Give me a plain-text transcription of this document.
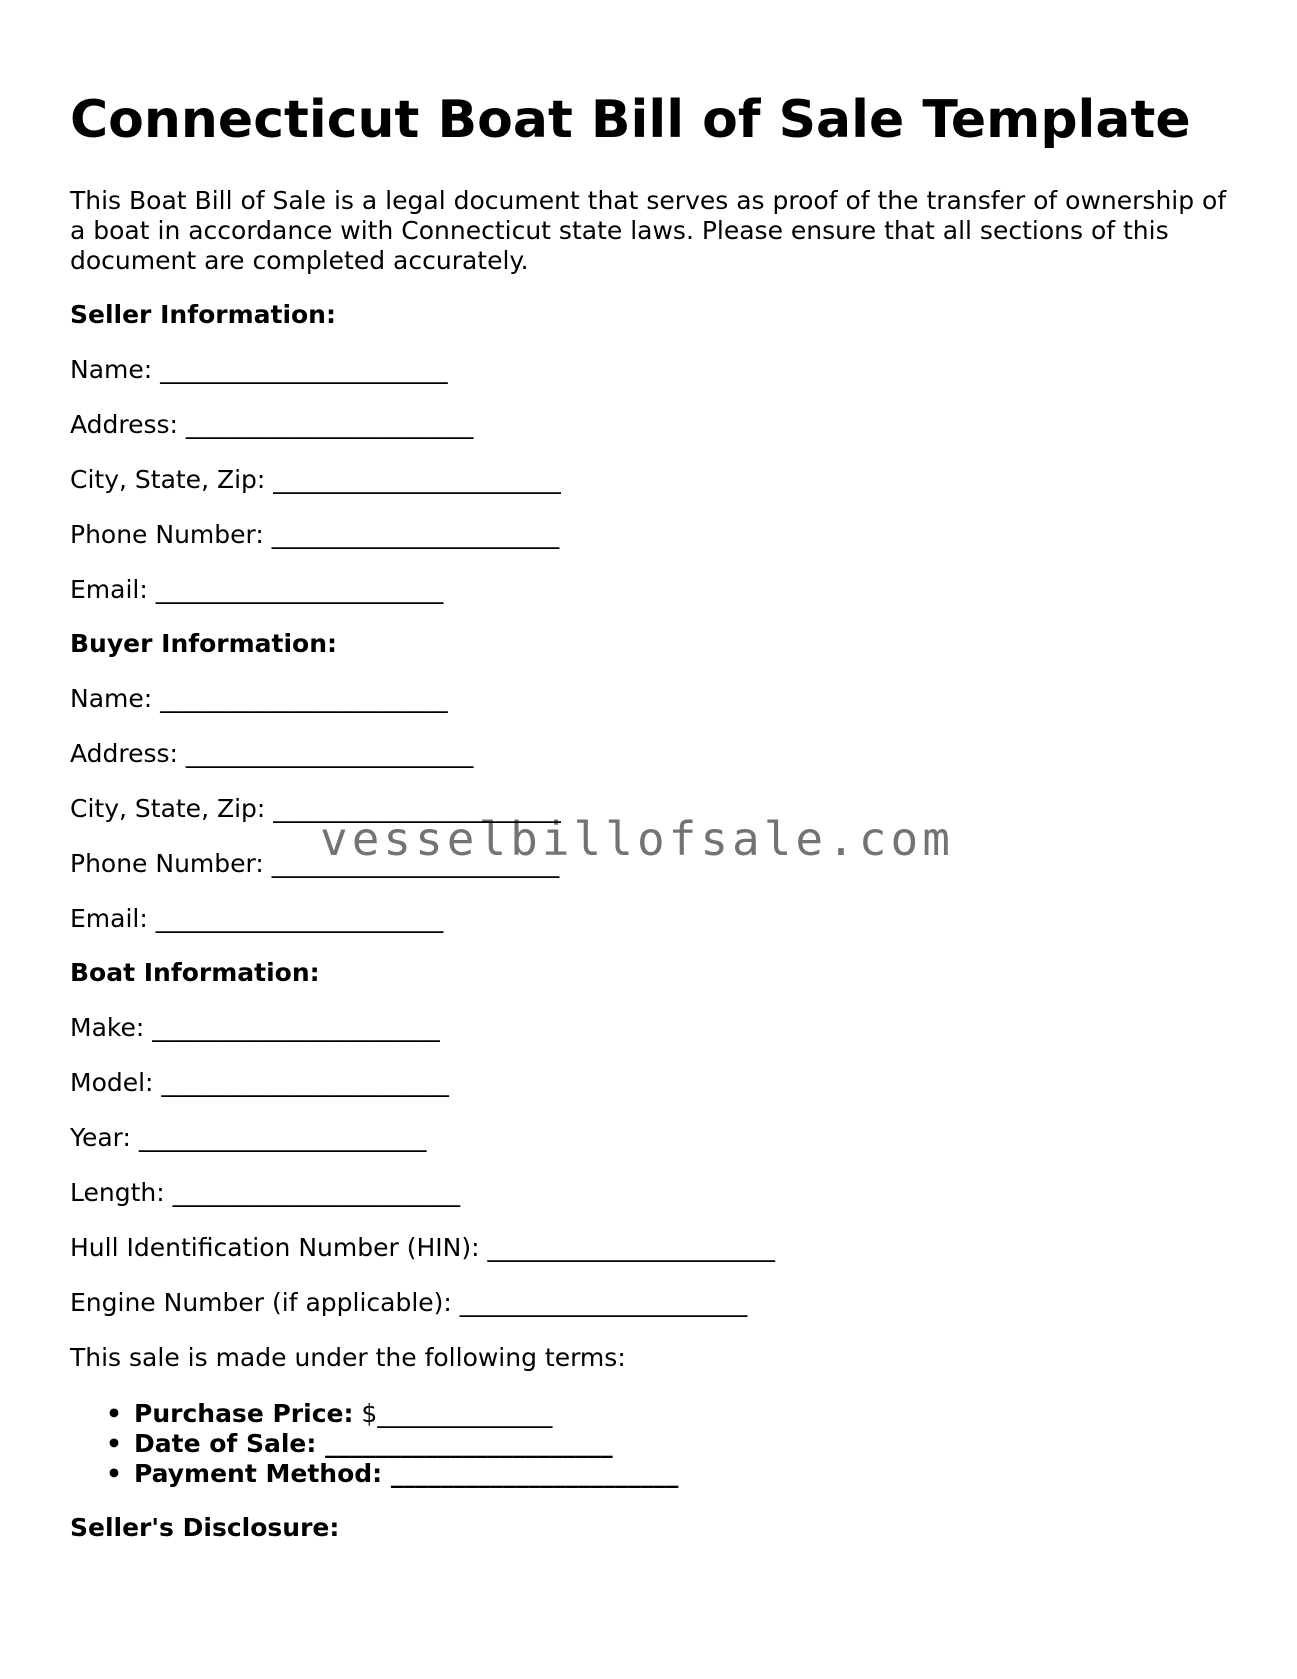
Connecticut Boat Bill of Sale Template

This Boat Bill of Sale is a legal document that serves as proof of the transfer of ownership of a boat in accordance with Connecticut state laws. Please ensure that all sections of this document are completed accurately.

Seller Information:
Name: _______________________
Address: _______________________
City, State, Zip: _______________________
Phone Number: _______________________
Email: _______________________
Buyer Information:
Name: _______________________
Address: _______________________
City, State, Zip: _______________________
Phone Number: _______________________
Email: _______________________
Boat Information:
Make: _______________________
Model: _______________________
Year: _______________________
Length: _______________________
Hull Identification Number (HIN): _______________________
Engine Number (if applicable): _______________________
This sale is made under the following terms:
• Purchase Price: $______________
• Date of Sale: _______________________
• Payment Method: _______________________
Seller's Disclosure:
vesselbillofsale.com
